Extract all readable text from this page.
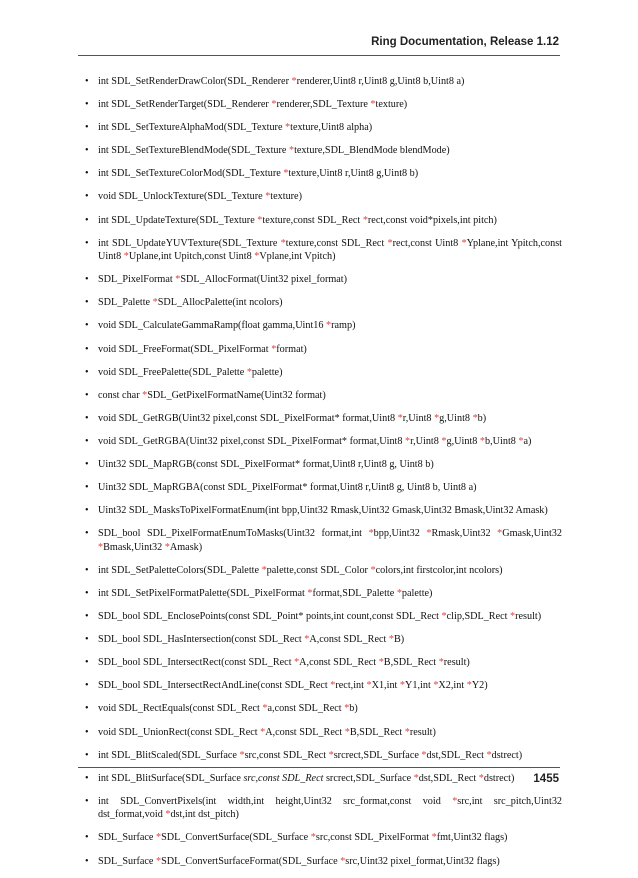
Ring Documentation, Release 1.12
• int SDL_SetRenderDrawColor(SDL_Renderer *renderer,Uint8 r,Uint8 g,Uint8 b,Uint8 a)
• int SDL_SetRenderTarget(SDL_Renderer *renderer,SDL_Texture *texture)
• int SDL_SetTextureAlphaMod(SDL_Texture *texture,Uint8 alpha)
• int SDL_SetTextureBlendMode(SDL_Texture *texture,SDL_BlendMode blendMode)
• int SDL_SetTextureColorMod(SDL_Texture *texture,Uint8 r,Uint8 g,Uint8 b)
• void SDL_UnlockTexture(SDL_Texture *texture)
• int SDL_UpdateTexture(SDL_Texture *texture,const SDL_Rect *rect,const void*pixels,int pitch)
• int SDL_UpdateYUVTexture(SDL_Texture *texture,const SDL_Rect *rect,const Uint8 *Yplane,int Ypitch,const Uint8 *Uplane,int Upitch,const Uint8 *Vplane,int Vpitch)
• SDL_PixelFormat *SDL_AllocFormat(Uint32 pixel_format)
• SDL_Palette *SDL_AllocPalette(int ncolors)
• void SDL_CalculateGammaRamp(float gamma,Uint16 *ramp)
• void SDL_FreeFormat(SDL_PixelFormat *format)
• void SDL_FreePalette(SDL_Palette *palette)
• const char *SDL_GetPixelFormatName(Uint32 format)
• void SDL_GetRGB(Uint32 pixel,const SDL_PixelFormat* format,Uint8 *r,Uint8 *g,Uint8 *b)
• void SDL_GetRGBA(Uint32 pixel,const SDL_PixelFormat* format,Uint8 *r,Uint8 *g,Uint8 *b,Uint8 *a)
• Uint32 SDL_MapRGB(const SDL_PixelFormat* format,Uint8 r,Uint8 g, Uint8 b)
• Uint32 SDL_MapRGBA(const SDL_PixelFormat* format,Uint8 r,Uint8 g, Uint8 b, Uint8 a)
• Uint32 SDL_MasksToPixelFormatEnum(int bpp,Uint32 Rmask,Uint32 Gmask,Uint32 Bmask,Uint32 Amask)
• SDL_bool SDL_PixelFormatEnumToMasks(Uint32 format,int *bpp,Uint32 *Rmask,Uint32 *Gmask,Uint32 *Bmask,Uint32 *Amask)
• int SDL_SetPaletteColors(SDL_Palette *palette,const SDL_Color *colors,int firstcolor,int ncolors)
• int SDL_SetPixelFormatPalette(SDL_PixelFormat *format,SDL_Palette *palette)
• SDL_bool SDL_EnclosePoints(const SDL_Point* points,int count,const SDL_Rect *clip,SDL_Rect *result)
• SDL_bool SDL_HasIntersection(const SDL_Rect *A,const SDL_Rect *B)
• SDL_bool SDL_IntersectRect(const SDL_Rect *A,const SDL_Rect *B,SDL_Rect *result)
• SDL_bool SDL_IntersectRectAndLine(const SDL_Rect *rect,int *X1,int *Y1,int *X2,int *Y2)
• void SDL_RectEquals(const SDL_Rect *a,const SDL_Rect *b)
• void SDL_UnionRect(const SDL_Rect *A,const SDL_Rect *B,SDL_Rect *result)
• int SDL_BlitScaled(SDL_Surface *src,const SDL_Rect *srcrect,SDL_Surface *dst,SDL_Rect *dstrect)
• int SDL_BlitSurface(SDL_Surface src,const SDL_Rect srcrect,SDL_Surface *dst,SDL_Rect *dstrect)
• int SDL_ConvertPixels(int width,int height,Uint32 src_format,const void *src,int src_pitch,Uint32 dst_format,void *dst,int dst_pitch)
• SDL_Surface *SDL_ConvertSurface(SDL_Surface *src,const SDL_PixelFormat *fmt,Uint32 flags)
• SDL_Surface *SDL_ConvertSurfaceFormat(SDL_Surface *src,Uint32 pixel_format,Uint32 flags)
1455
